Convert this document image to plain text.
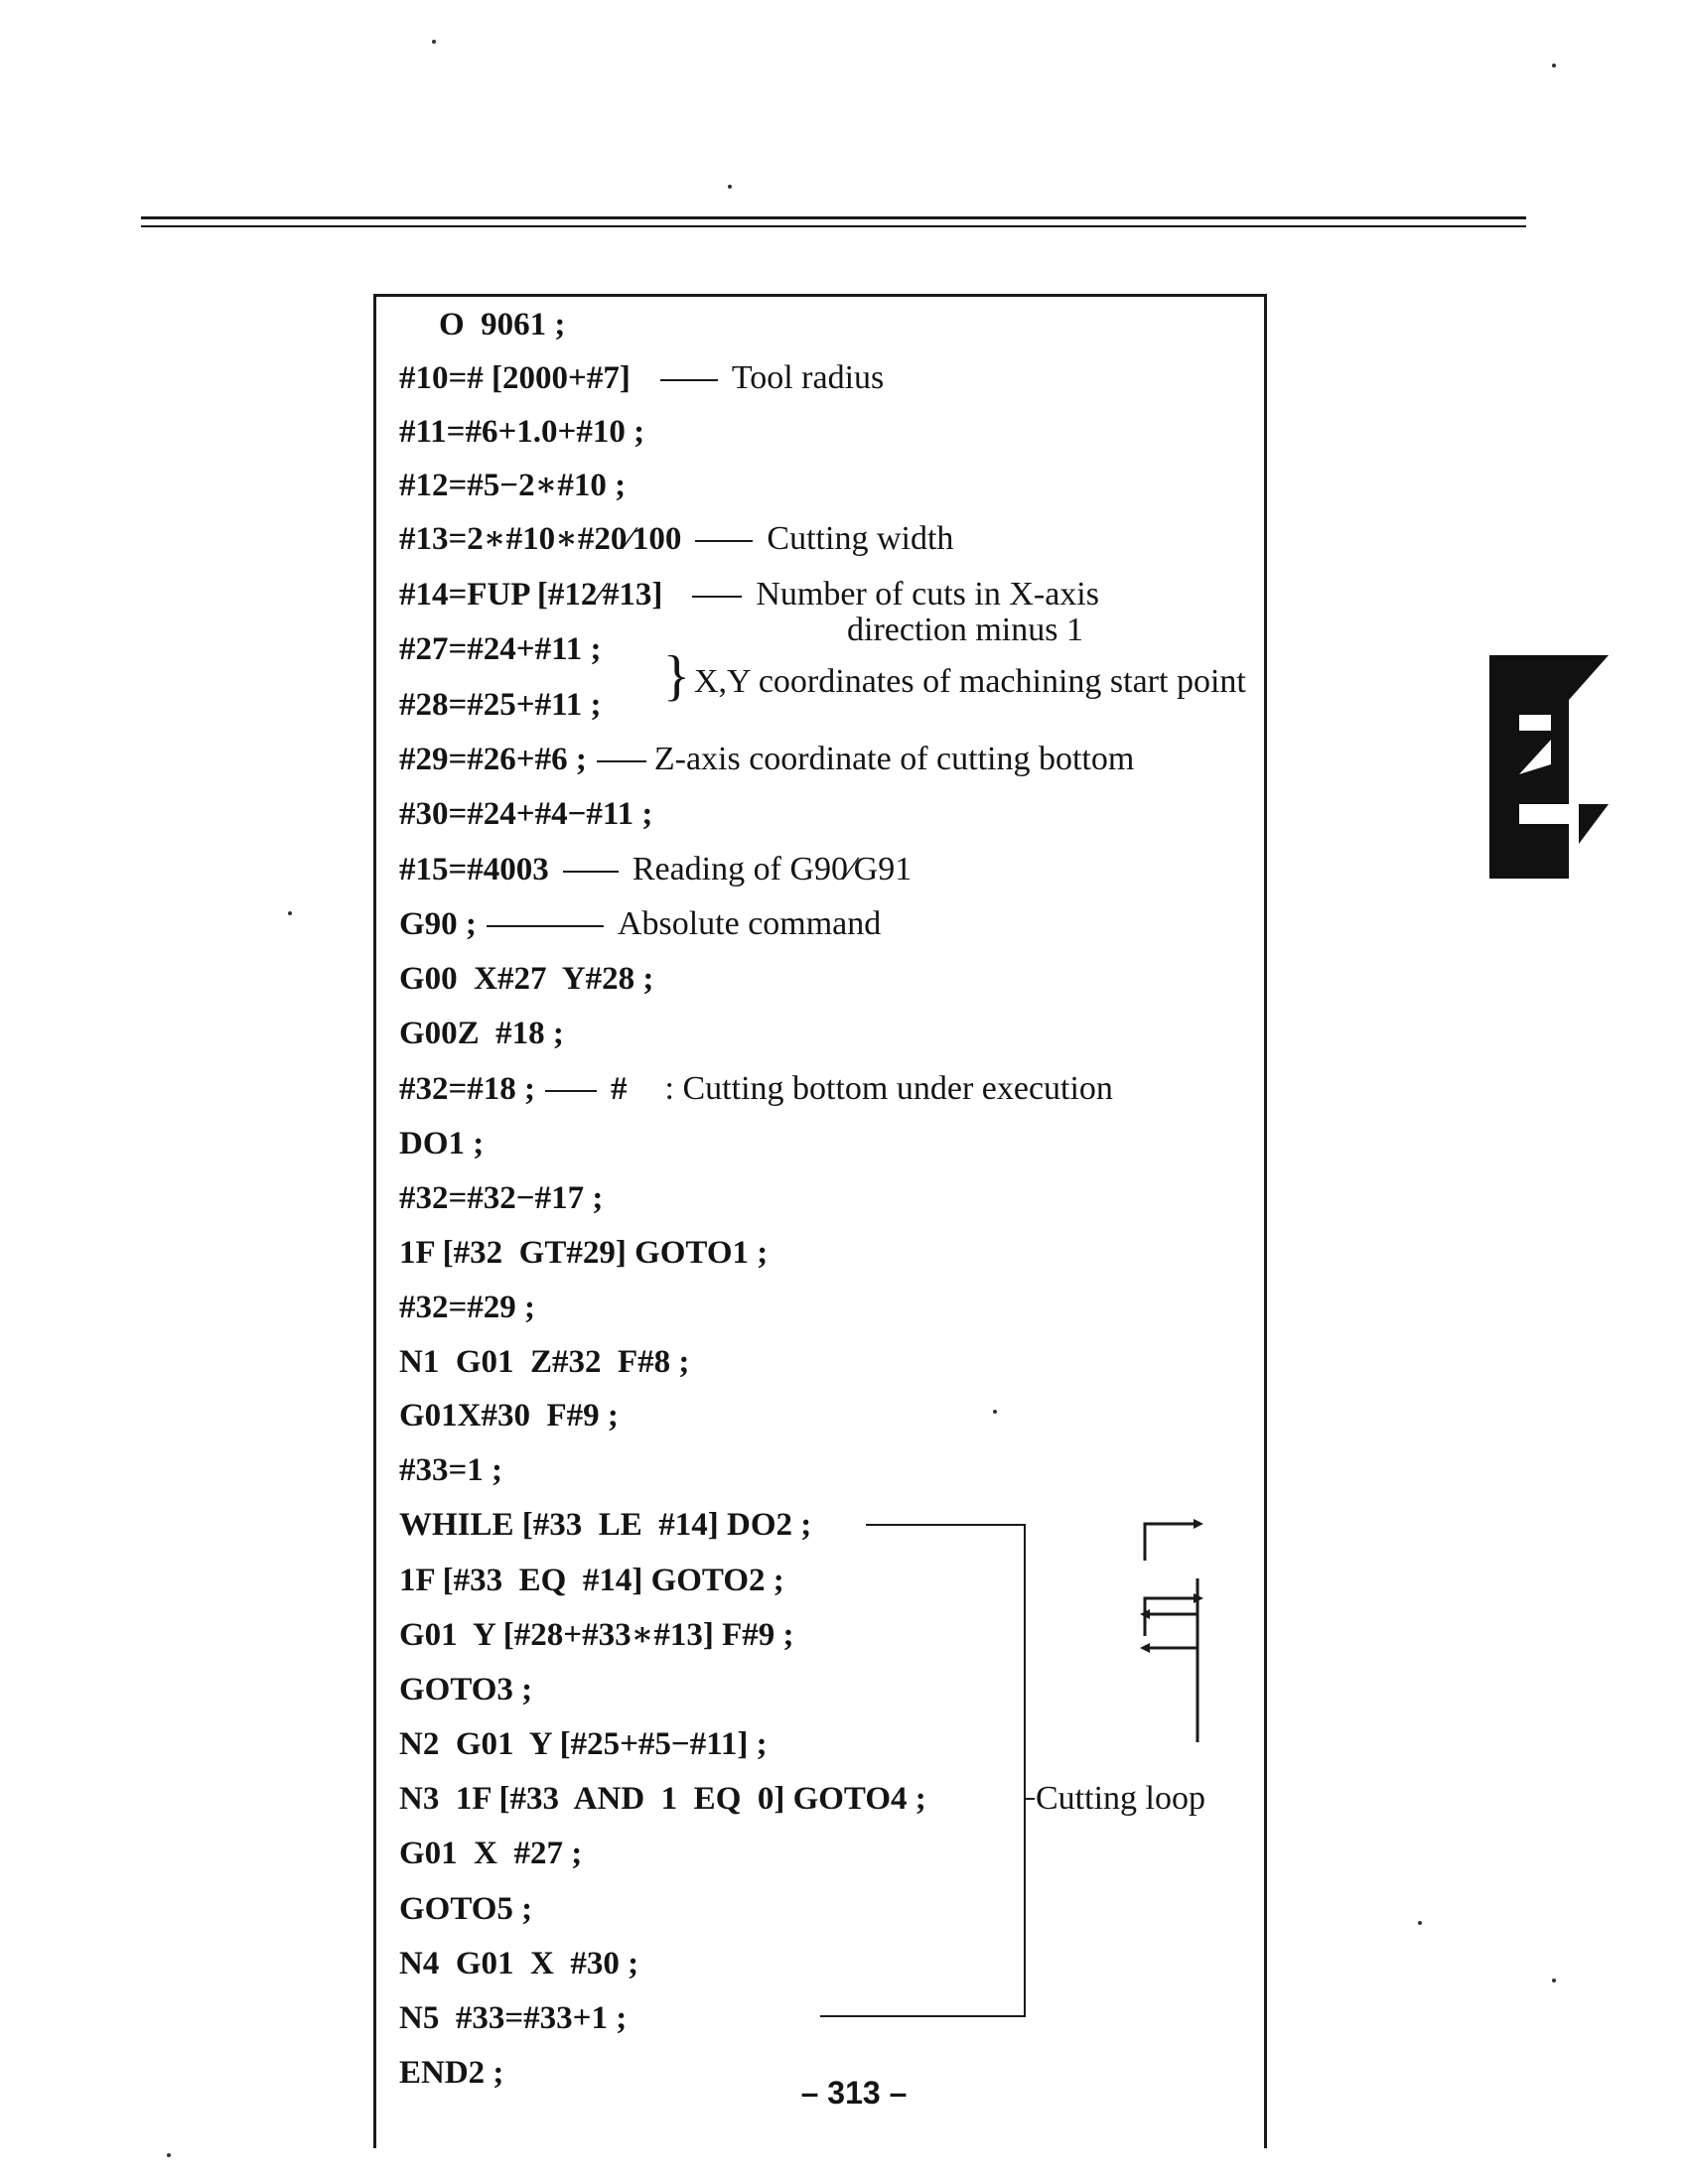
O  9061 ;
#10=# [2000+#7]	Tool radius
#11=#6+1.0+#10 ;
#12=#5−2∗#10 ;
#13=2∗#10∗#20∕100	Cutting width
#14=FUP [#12∕#13]	Number of cuts in X-axis
direction minus 1
#27=#24+#11 ;
#28=#25+#11 ; } X,Y coordinates of machining start point
#29=#26+#6 ; Z-axis coordinate of cutting bottom
#30=#24+#4−#11 ;
#15=#4003 Reading of G90∕G91
G90 ;	Absolute command
G00  X#27  Y#28 ;
G00Z  #18 ;
#32=#18 ; # : Cutting bottom under execution
DO1 ;
#32=#32−#17 ;
1F [#32  GT#29] GOTO1 ;
#32=#29 ;
N1  G01  Z#32  F#8 ;
G01X#30  F#9 ;
#33=1 ;
WHILE [#33  LE  #14] DO2 ;
1F [#33  EQ  #14] GOTO2 ;
G01  Y [#28+#33∗#13] F#9 ;
GOTO3 ;
N2  G01  Y [#25+#5−#11] ;
N3  1F [#33  AND  1  EQ  0] GOTO4 ;
G01  X  #27 ;
GOTO5 ;
N4  G01  X  #30 ;
N5  #33=#33+1 ;
END2 ;
Cutting loop
– 313 –
